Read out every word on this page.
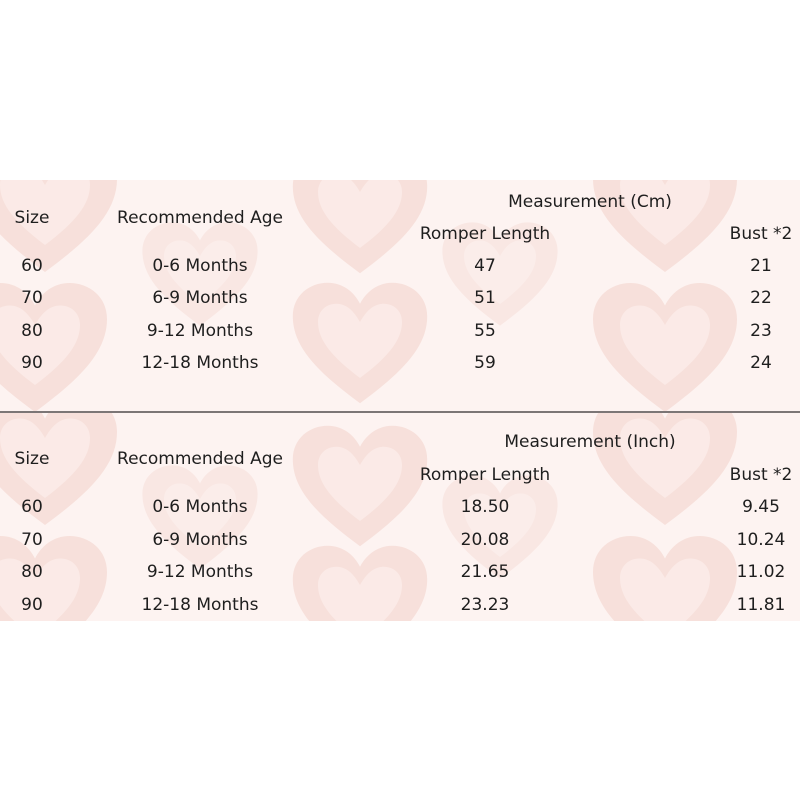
Measurement (Cm)
Size	Recommended Age
Romper Length	Bust *2
60	0-6 Months	47	21
70	6-9 Months	51	22
80	9-12 Months	55	23
90	12-18 Months	59	24
Measurement (Inch)
Size	Recommended Age
Romper Length	Bust *2
60	0-6 Months	18.50	9.45
70	6-9 Months	20.08	10.24
80	9-12 Months	21.65	11.02
90	12-18 Months	23.23	11.81
